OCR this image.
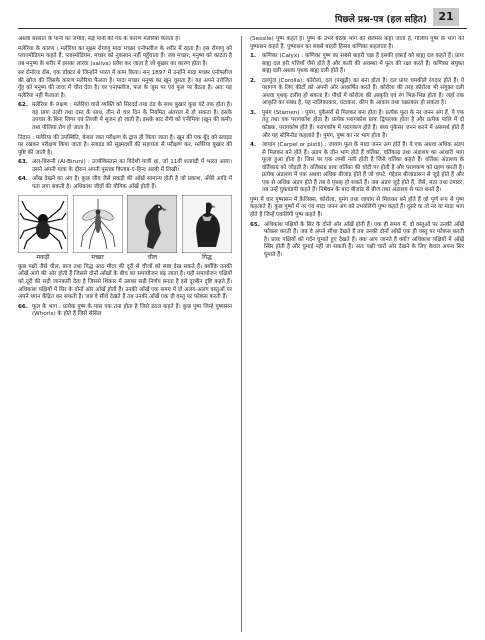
पिछले प्रश्न-पत्र (हल सहित)	21

अथवा बरसात के पानी का जमाव, सड़े पानी की गंध के कारण मलेरिया फैलता है।

मलेरिया के कारण : मलेरिया का सूक्ष्म रोगाणु मादा मच्छर एनोफ्लीज के शरीर में रहता है। इस रोगाणु को प्लाज्मोडियम कहते हैं, प्लास्मोडियम, मच्छर को नुकसान नहीं पहुँचाता है। जब मच्छर, मनुष्य को काटता है तब मनुष्य के शरीर में इसका लारवा (saliva) प्रवेश कर जाता है जो बुखार का कारण होता है।

सर रोनॉल्ड रॉस, एक डॉक्टर थे जिन्होंने भारत में काम किया। सन् 1897 में उन्होंने मादा मच्छर एनोफ्लीज की खोज की जिसके कारण मलेरिया फैलता है। मादा मच्छर मनुष्य का खून चूसता है। यह अपने उत्तेजित गुँह को मनुष्य की त्वचा में चीरा देता है। घर एनाफ्लीज, फल के जूस पर एवं फूल पर बैठता है। अतः यह मलेरिया नहीं फैलाता है।

62. मलेरिया के लक्षण : मलेरिया वाले व्यक्ति को सिरदर्द तथा ठंड के साथ बुखार कुछ घंटे तक होता है। यह प्रायः उल्टी तथा दस्त के साथ, तीन से चार दिन के नियमित अंतराल में हो सकता है। इसके उपचार के बिना जिगर एवं तिल्ली में सूजन हो जाती है। इसके बाद रोगी को एनीमिया (खून की कमी) तथा पीलिया रोग हो जाता है।

निदान : मलेरिया की उपस्थिति, केवल रक्त परीक्षण के द्वारा ही किया जाता है। खून की एक बूँद को स्लाइड पर रखकर परीक्षण किया जाता है। स्लाइड को सूक्ष्मदर्शी की सहायता से परीक्षण कर, मलेरिया बुखार की पुष्टि की जाती है।

63. अल-बिरूनी (Al-Biruni) : उज्बेकिस्तान का विदेशी यात्री था, जो 11वीं शताब्दी में भारत आया। उसने अपनी यात्रा के दौरान अपनी पुस्तक किताब-ए-हिन्द अरबी में लिखी।
64. आँख देखने का अंग है। कुछ जीव जैसे मकड़ी की आँखें सामान्य होती है जो प्रकाश, अँधेरे आदि में पता लगा सकती है। अधिकांश जीवों की यौगिक आँखें होती हैं।
मकड़ी	मच्छर	चील	गिद्ध

कुछ पक्षी जैसे चील, बाज तथा गिद्ध आठ मीटर की दूरी से चीजों को स्पष्ट देख सकते हैं। क्योंकि उनकी आँखें आगे की ओर होती हैं जिससे दोनों आँखों के बीच का समायोजन बढ़ जाता है। यही समायोजन पक्षियों को दूरी की सही जानकारी देता है जिससे शिकार में उसका सही निर्णय बनता है इसे दूरबीन दृष्टि कहते हैं। अधिकांश पक्षियों में सिर के दोनों ओर आँखें होती हैं। उनकी आँखें एक समय में दो अलग-अलग वस्तुओं पर अपने ध्यान केंद्रित कर सकती है। जब वे सीधे देखते हैं तब उनकी आँखें एक ही वस्तु पर फोकस करती हैं।

66. फूल के भाग : प्रत्येक पुष्प के पास एक तना होता है जिसे डंठल कहते हैं। कुछ पुष्प जिन्हे पुष्पासन (Whorls) के होते हैं जिसे सेसिल

(Sessile) पुष्प कहते हैं। पुष्प के उभरे बैठक भाग को थैलेमस कहा जाता है, गोलीय पुष्प के भाग को पुष्पासन कहते हैं, पुष्पासन का सबसे बाहरी हिस्सा कणिका कहलाता है।

1.	कणिका (Calyx) : कणिका पुष्प का सबसे बाहरी चक्र है इसकी इकाई को बाह्य दल कहते हैं। प्रायः बाह्य दल हरी पत्तियों जैसे होते हैं और कली की अवस्था में फूल की रक्षा करते हैं। कणिका संयुक्त बाह्य दली अथवा पृथक बाह्य दली होते हैं।
2.	दलपुंज (Corolla): कोरोला, दल (पंखुड़ी) का बना होता है। दल प्रायः चमकीले रंगदार होते हैं। ये परागण के लिए कीटों को अपनी ओर आकर्षित करते हैं। कोरोला की तरह कोरोला भी संयुक्त दली अथवा पृथक् दलीय हो सकता है। पौधों में कोरोला की आकृति एवं रंग भिन्न-भिन्न होता है। जहाँ तक आकृति का संबंध है, यह नालिकाकार, घंटाकार, कीप के आकार तथा चक्राकार हो सकता है।
3.	पुमंग (Stamen) : पुमंग, पुंकेसरों से मिलकर बना होता है। प्रत्येक फूल के नर जनन अंग हैं, ये एक तंतु तथा एक परागकोश होता है। प्रत्येक परागकोश प्रायः द्विपालक होता है और प्रत्येक पालि में दो कोष्ठक, परागकोष होते हैं। परागकोष में परागकण होते हैं। बंध्य पुंकेसर जनन करने में असमर्थ होते हैं और यह स्टेमिनोड कहलाते हैं। पुमंग, पुष्प का नर भाग होता है।
4.	जायांग (Carpel or pistil) : जायांग फूल के मादा जनन अंग होते हैं। ये एक अथवा अधिक अंडप से मिलकर बने होते हैं। अंडप के तीन भाग होते हैं वर्तिका, वर्तिकाग्र तथा अंडाशय का आधारी भाग फूला हुआ होता है। जिस पर एक लम्बी नली होती है जिसे वर्तिका कहते हैं। वर्तिका अंडाशय के वर्तिकाग्र को जोड़ती है। वर्तिकाग्र प्रायः वर्तिका की चोटी पर होती है और परागकण को ग्रहण करती है। प्रत्येक अंडाशय में एक अथवा अधिक बीजांड होते हैं जो चपटे, गद्देदार बीजांडासन से जुड़े होते हैं और एक से अधिक अंडप होते हैं तब वे पृथक् हो सकते हैं। जब अंडप जुड़े होते हैं, जैसे, मटर तथा टमाटर, तब उन्हें युक्तांडपी कहते हैं। निषेचन के बाद बीजांड से बीज तथा अंडाशय से फल बनते हैं।

पुष्प में चार पुष्पासन में कैलिक्स, कोरोला, पुमंग तथा जायांग से मिलकर बने होते हैं जो पूर्ण रूप से पुष्प कहलाते हैं। कुछ पुष्पों में नर एवं मादा जनन अंग को उभयलिंगी पुष्प कहते हैं। दूसरे या तो नर या मादा भाग होते हैं जिन्हें एकलिंगी पुष्प कहते हैं।

65. अधिकांश पक्षियों के सिर के दोनों ओर आँखें होती हैं। एक ही समय में, दो वस्तुओं पर उनकी आँखें फोकस करती हैं। जब वे अपने सीधा देखते हैं तब उनकी दोनों आँखें एक ही वस्तु पर फोकस करती है। प्रायः पक्षियों को गर्दन घुमाते हुए देखते हैं। क्या आप जानते हैं क्यों? अधिकांश पक्षियों में आँखें स्थिर होती हैं और घुमाई नहीं जा सकती हैं। अतः पक्षी चारों ओर देखने के लिए केवल अपना सिर घुमाते हैं।
